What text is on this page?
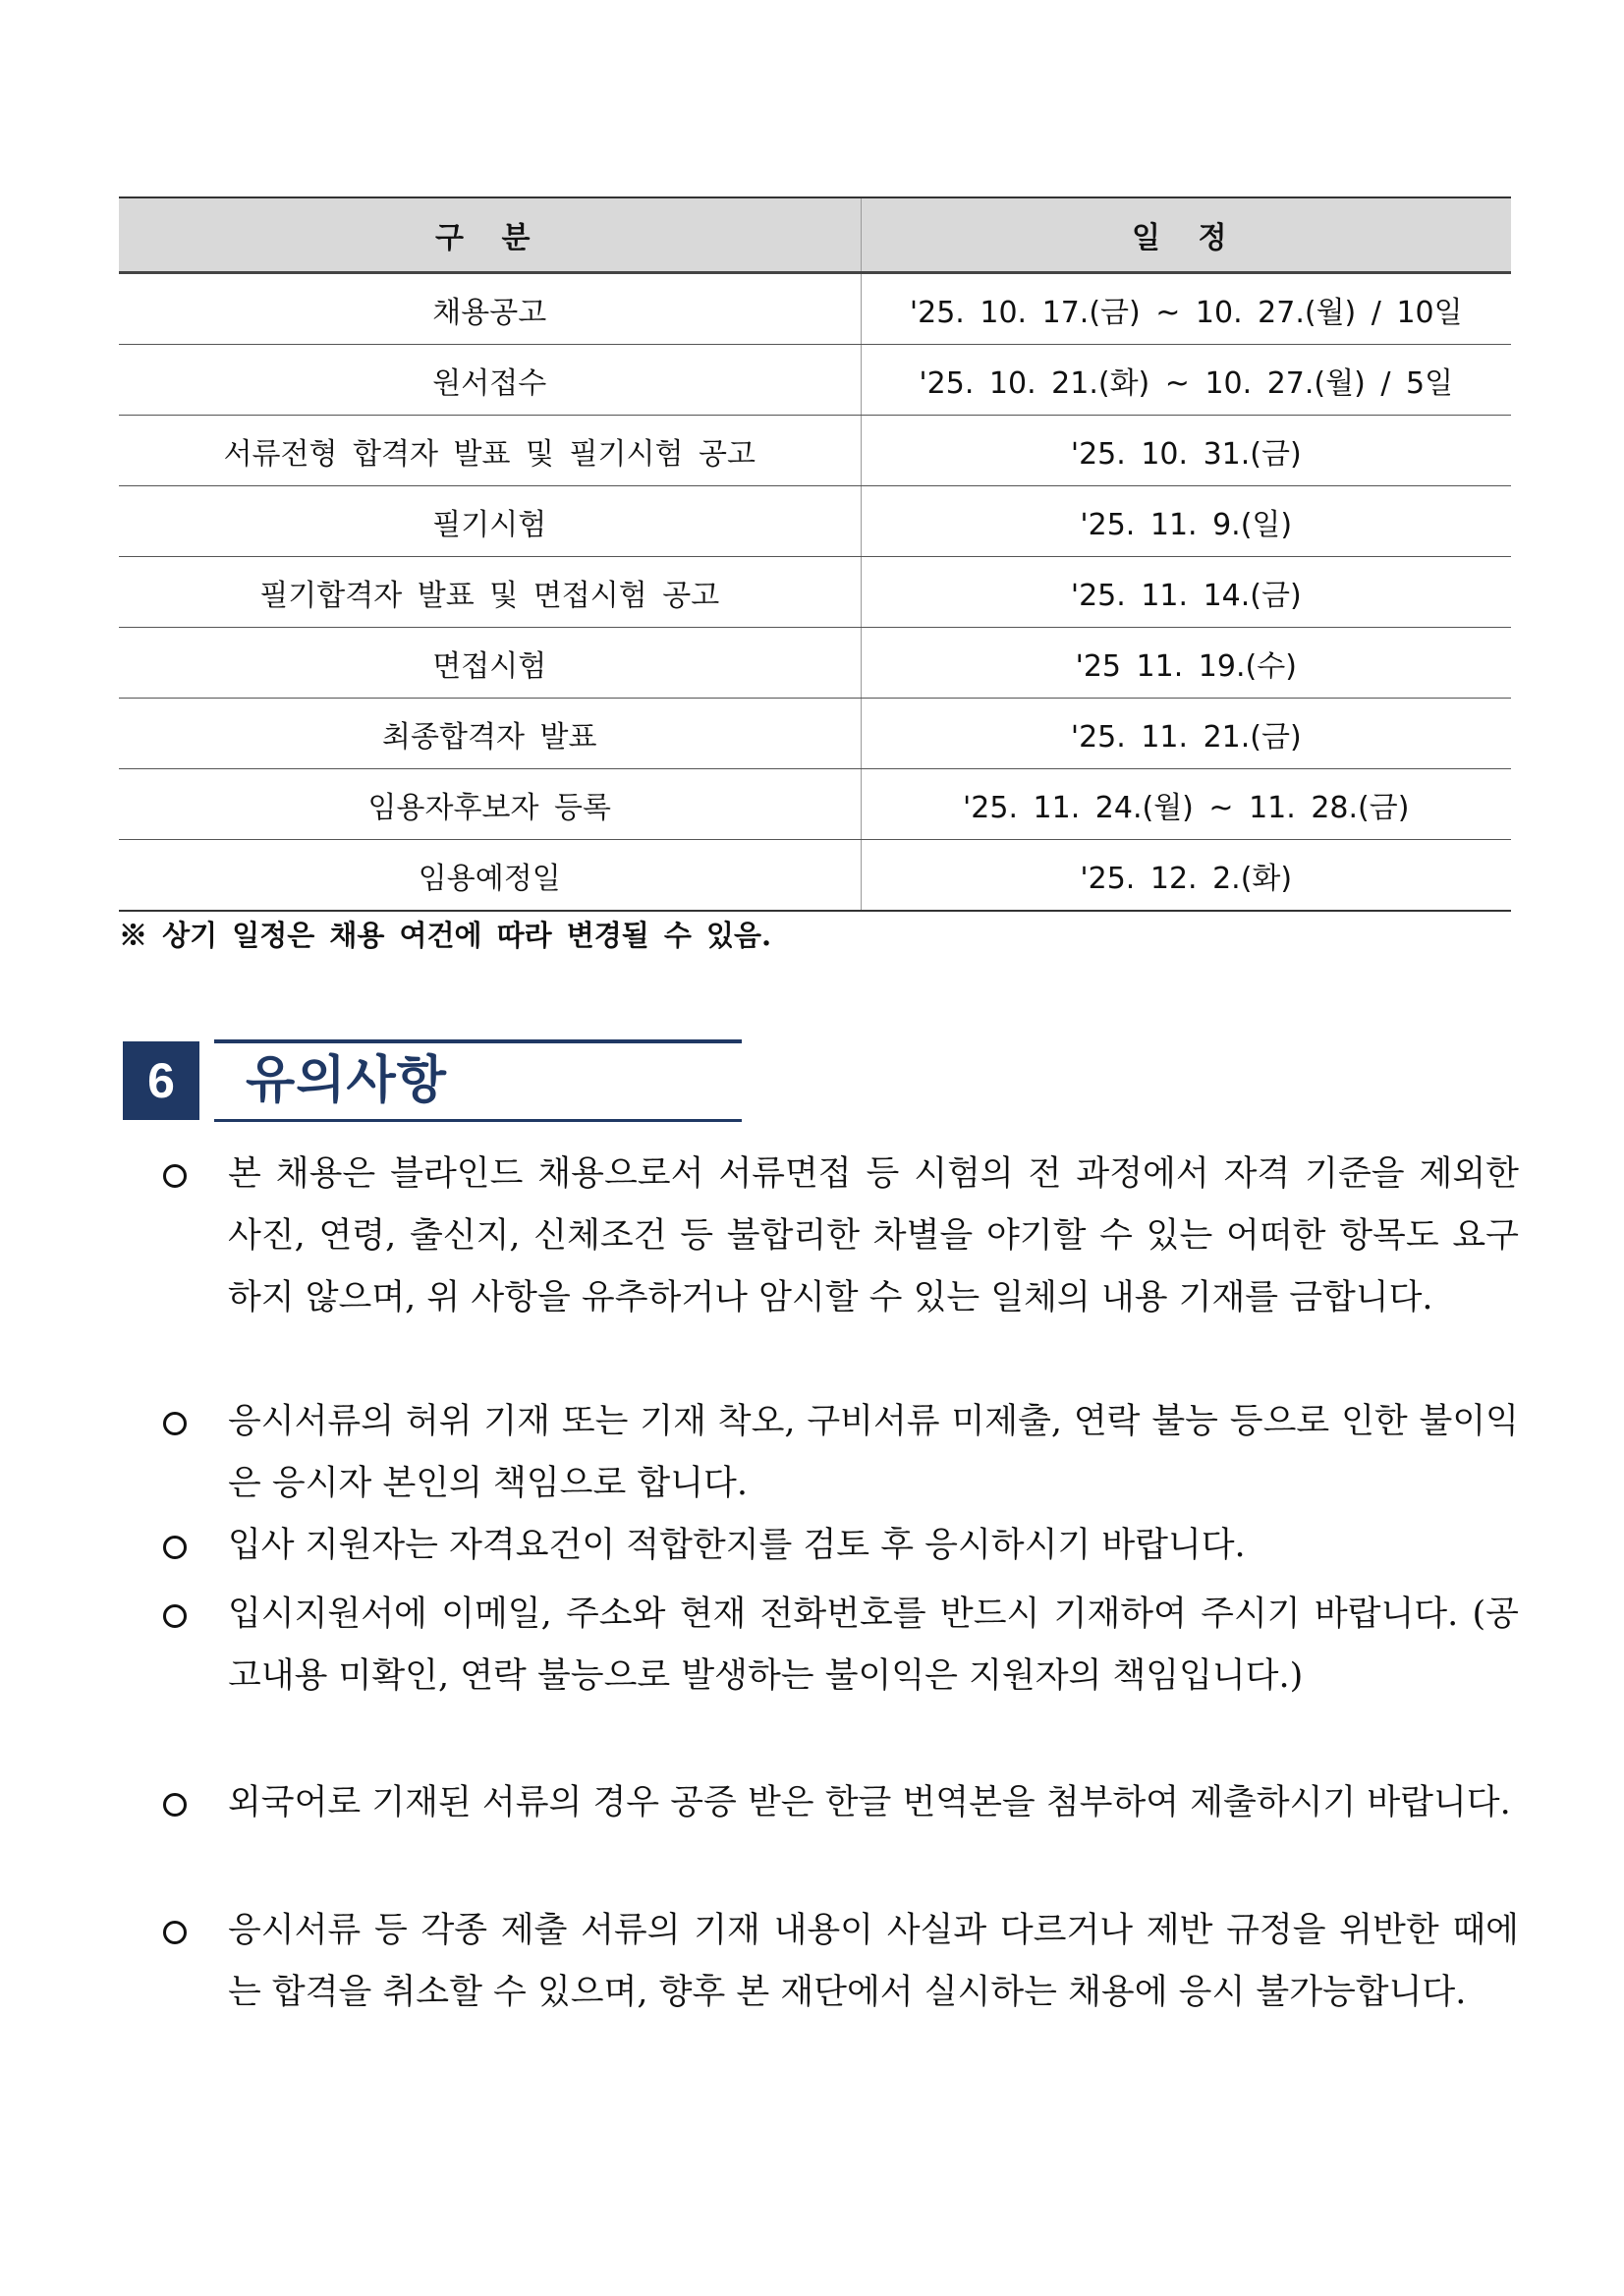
구 분	일 정
채용공고	'25. 10. 17.(금) ~ 10. 27.(월) / 10일
원서접수	'25. 10. 21.(화) ~ 10. 27.(월) / 5일
서류전형 합격자 발표 및 필기시험 공고	'25. 10. 31.(금)
필기시험	'25. 11. 9.(일)
필기합격자 발표 및 면접시험 공고	'25. 11. 14.(금)
면접시험	'25 11. 19.(수)
최종합격자 발표	'25. 11. 21.(금)
임용자후보자 등록	'25. 11. 24.(월) ~ 11. 28.(금)
임용예정일	'25. 12. 2.(화)
※ 상기 일정은 채용 여건에 따라 변경될 수 있음.
6	유의사항
본 채용은 블라인드 채용으로서 서류면접 등 시험의 전 과정에서 자격 기준을 제외한 사진, 연령, 출신지, 신체조건 등 불합리한 차별을 야기할 수 있는 어떠한 항목도 요구하지 않으며, 위 사항을 유추하거나 암시할 수 있는 일체의 내용 기재를 금합니다.
응시서류의 허위 기재 또는 기재 착오, 구비서류 미제출, 연락 불능 등으로 인한 불이익은 응시자 본인의 책임으로 합니다.
입사 지원자는 자격요건이 적합한지를 검토 후 응시하시기 바랍니다.
입시지원서에 이메일, 주소와 현재 전화번호를 반드시 기재하여 주시기 바랍니다. (공고내용 미확인, 연락 불능으로 발생하는 불이익은 지원자의 책임입니다.)
외국어로 기재된 서류의 경우 공증 받은 한글 번역본을 첨부하여 제출하시기 바랍니다.
응시서류 등 각종 제출 서류의 기재 내용이 사실과 다르거나 제반 규정을 위반한 때에는 합격을 취소할 수 있으며, 향후 본 재단에서 실시하는 채용에 응시 불가능합니다.
